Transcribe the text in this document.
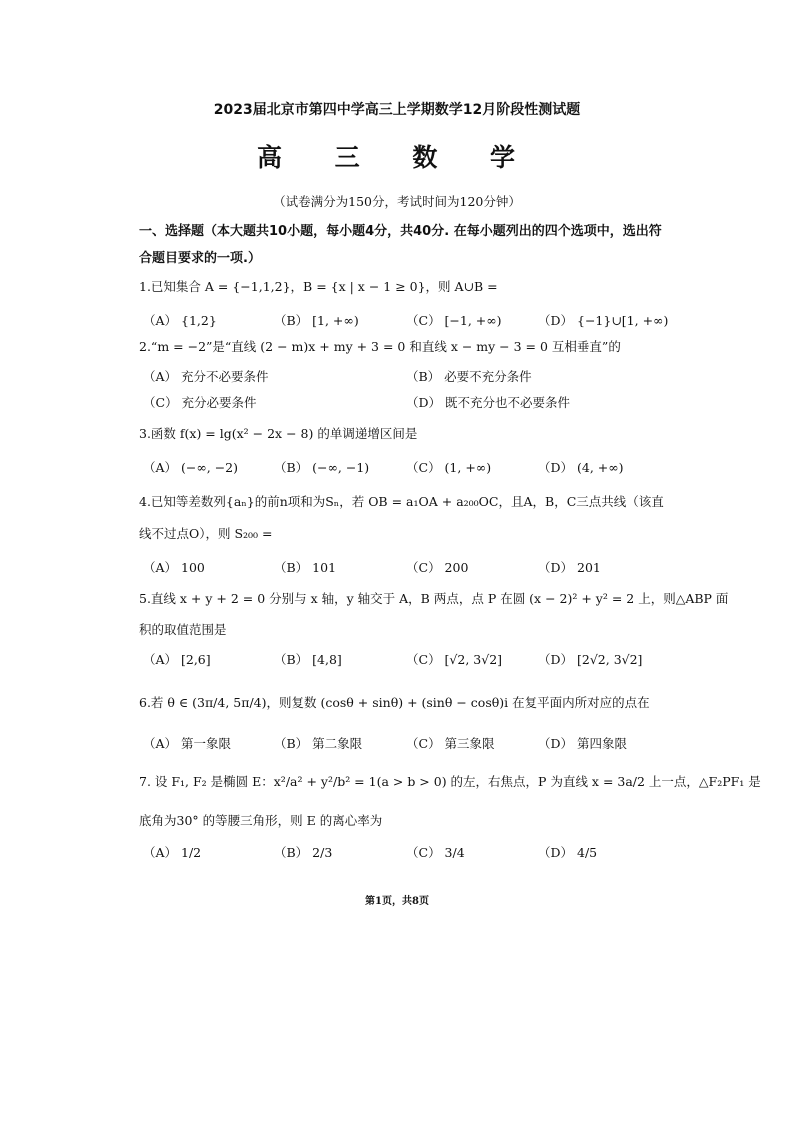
2023届北京市第四中学高三上学期数学12月阶段性测试题
高 三 数 学
（试卷满分为150分，考试时间为120分钟）
一、选择题（本大题共10小题，每小题4分，共40分. 在每小题列出的四个选项中，选出符
合题目要求的一项.）
1.已知集合 A = {−1,1,2}，B = {x | x − 1 ≥ 0}，则 A∪B =
（A） {1,2}	（B） [1, +∞)	（C） [−1, +∞)	（D） {−1}∪[1, +∞)
2.“m = −2”是“直线 (2 − m)x + my + 3 = 0 和直线 x − my − 3 = 0 互相垂直”的
（A） 充分不必要条件	（B） 必要不充分条件
（C） 充分必要条件	（D） 既不充分也不必要条件
3.函数 f(x) = lg(x² − 2x − 8) 的单调递增区间是
（A） (−∞, −2)	（B） (−∞, −1)	（C） (1, +∞)	（D） (4, +∞)
4.已知等差数列{aₙ}的前n项和为Sₙ，若 OB = a₁OA + a₂₀₀OC，且A，B，C三点共线（该直
线不过点O），则 S₂₀₀ =
（A） 100	（B） 101	（C） 200	（D） 201
5.直线 x + y + 2 = 0 分别与 x 轴，y 轴交于 A，B 两点，点 P 在圆 (x − 2)² + y² = 2 上，则△ABP 面
积的取值范围是
（A） [2,6]	（B） [4,8]	（C） [√2, 3√2]	（D） [2√2, 3√2]
6.若 θ ∈ (3π/4, 5π/4)，则复数 (cosθ + sinθ) + (sinθ − cosθ)i 在复平面内所对应的点在
（A） 第一象限	（B） 第二象限	（C） 第三象限	（D） 第四象限
7. 设 F₁, F₂ 是椭圆 E：x²/a² + y²/b² = 1(a > b > 0) 的左，右焦点，P 为直线 x = 3a/2 上一点，△F₂PF₁ 是
底角为30° 的等腰三角形，则 E 的离心率为
（A） 1/2	（B） 2/3	（C） 3/4	（D） 4/5
第1页，共8页
